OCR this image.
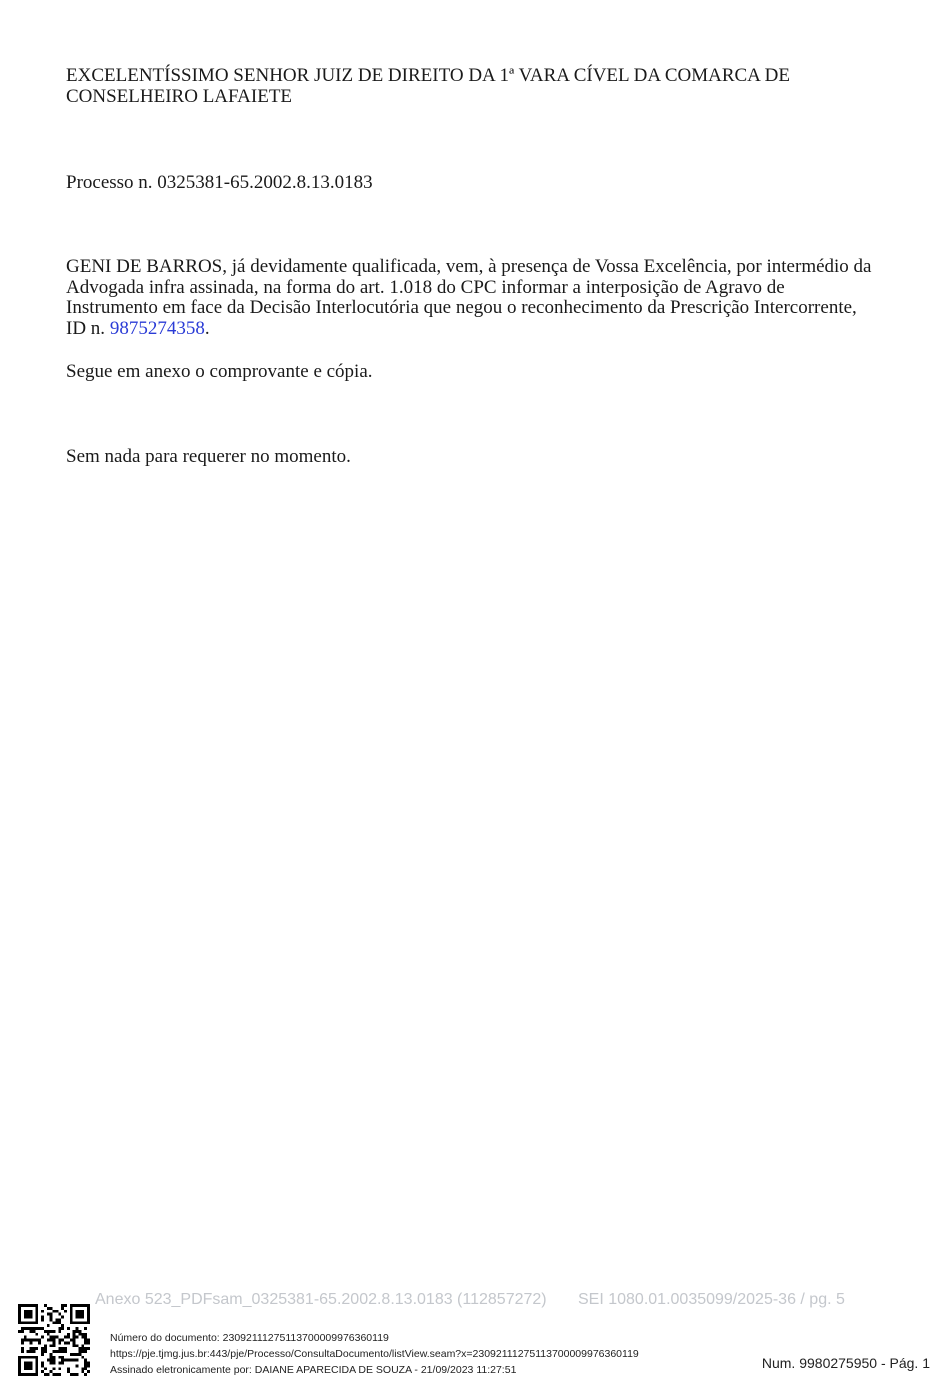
EXCELENTÍSSIMO SENHOR JUIZ DE DIREITO DA 1ª VARA CÍVEL DA COMARCA DE CONSELHEIRO LAFAIETE
Processo n. 0325381-65.2002.8.13.0183
GENI DE BARROS, já devidamente qualificada, vem, à presença de Vossa Excelência, por intermédio da Advogada infra assinada, na forma do art. 1.018 do CPC informar a interposição de Agravo de Instrumento em face da Decisão Interlocutória que negou o reconhecimento da Prescrição Intercorrente, ID n. 9875274358.
Segue em anexo o comprovante e cópia.
Sem nada para requerer no momento.
Anexo 523_PDFsam_0325381-65.2002.8.13.0183 (112857272) SEI 1080.01.0035099/2025-36 / pg. 5
Número do documento: 23092111275113700009976360119
https://pje.tjmg.jus.br:443/pje/Processo/ConsultaDocumento/listView.seam?x=23092111275113700009976360119
Assinado eletronicamente por: DAIANE APARECIDA DE SOUZA - 21/09/2023 11:27:51	Num. 9980275950 - Pág. 1
